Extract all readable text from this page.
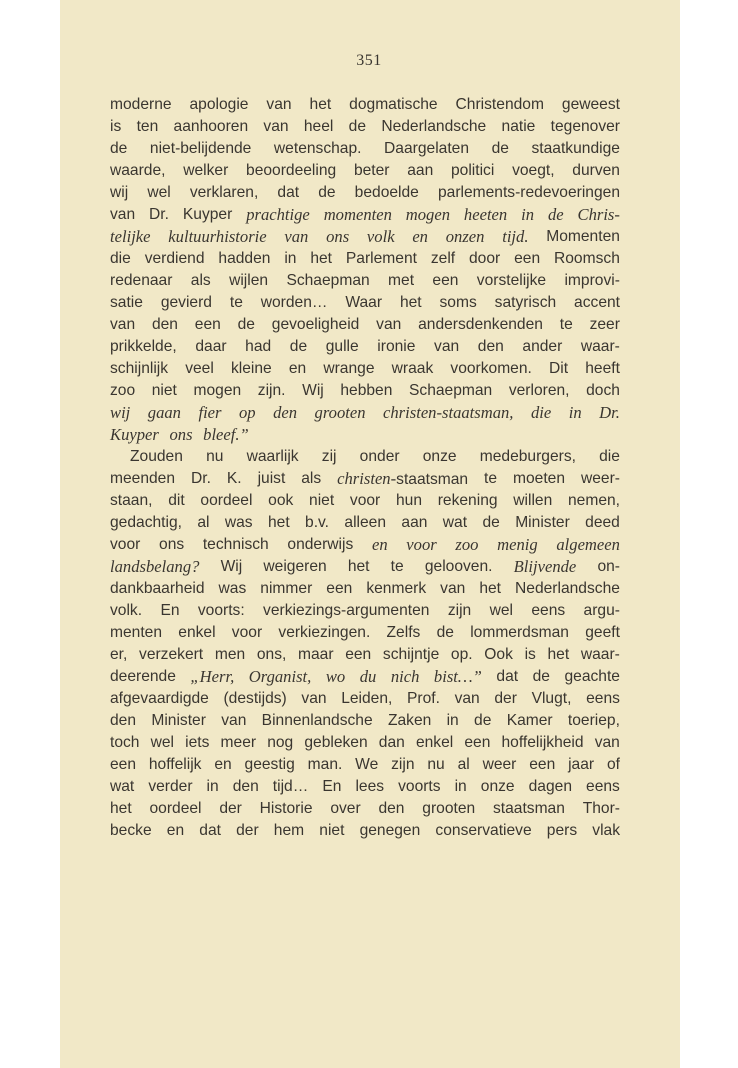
351
moderne apologie van het dogmatische Christendom geweest
is ten aanhooren van heel de Nederlandsche natie tegenover
de niet-belijdende wetenschap. Daargelaten de staatkundige
waarde, welker beoordeeling beter aan politici voegt, durven
wij wel verklaren, dat de bedoelde parlements-redevoeringen
van Dr. Kuyper prachtige momenten mogen heeten in de Chris-
telijke kultuurhistorie van ons volk en onzen tijd. Momenten
die verdiend hadden in het Parlement zelf door een Roomsch
redenaar als wijlen Schaepman met een vorstelijke improvi-
satie gevierd te worden… Waar het soms satyrisch accent
van den een de gevoeligheid van andersdenkenden te zeer
prikkelde, daar had de gulle ironie van den ander waar-
schijnlijk veel kleine en wrange wraak voorkomen. Dit heeft
zoo niet mogen zijn. Wij hebben Schaepman verloren, doch
wij gaan fier op den grooten christen-staatsman, die in Dr.
Kuyper ons bleef.”
Zouden nu waarlijk zij onder onze medeburgers, die
meenden Dr. K. juist als christen-staatsman te moeten weer-
staan, dit oordeel ook niet voor hun rekening willen nemen,
gedachtig, al was het b.v. alleen aan wat de Minister deed
voor ons technisch onderwijs en voor zoo menig algemeen
landsbelang? Wij weigeren het te gelooven. Blijvende on-
dankbaarheid was nimmer een kenmerk van het Nederlandsche
volk. En voorts: verkiezings-argumenten zijn wel eens argu-
menten enkel voor verkiezingen. Zelfs de lommerdsman geeft
er, verzekert men ons, maar een schijntje op. Ook is het waar-
deerende „Herr, Organist, wo du nich bist…” dat de geachte
afgevaardigde (destijds) van Leiden, Prof. van der Vlugt, eens
den Minister van Binnenlandsche Zaken in de Kamer toeriep,
toch wel iets meer nog gebleken dan enkel een hoffelijkheid van
een hoffelijk en geestig man. We zijn nu al weer een jaar of
wat verder in den tijd… En lees voorts in onze dagen eens
het oordeel der Historie over den grooten staatsman Thor-
becke en dat der hem niet genegen conservatieve pers vlak
